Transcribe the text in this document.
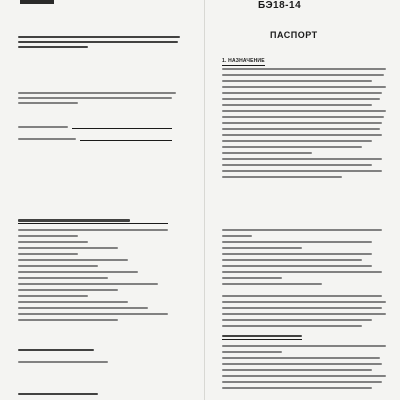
БЭ18-14
ПАСПОРТ
1. НАЗНАЧЕНИЕ
